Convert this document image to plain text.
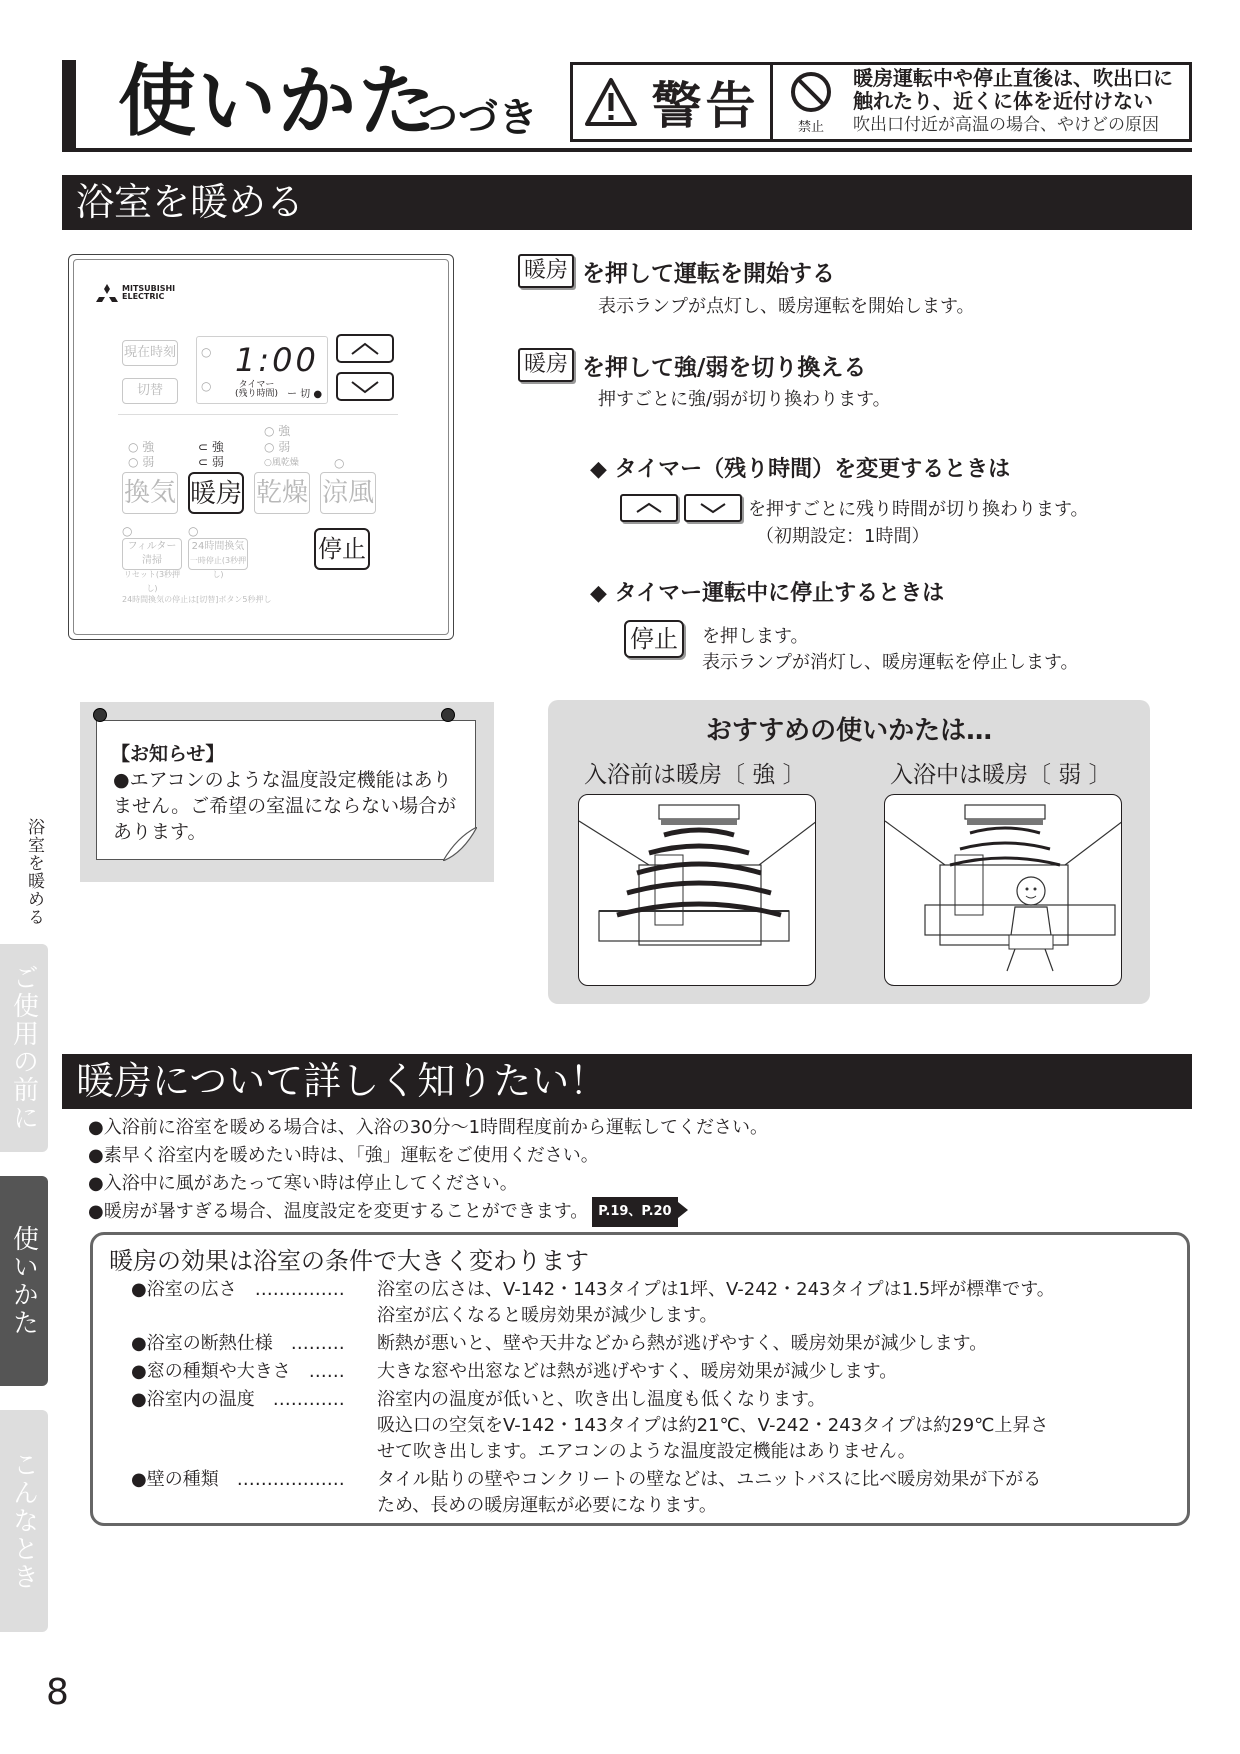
使いかた
つづき 警告	禁止
暖房運転中や停止直後は、吹出口に
触れたり、近くに体を近付けない
吹出口付近が高温の場合、やけどの原因
浴室を暖める
MITSUBISHI
ELECTRIC
現在時刻
切替
○
○
1:00
タイマー
(残り時間) ー 切 ●
○ 強
○ 強
○ 弱
⊂ 強
⊂ 弱
○ 弱
○風乾燥	○
換気 暖房 乾燥 涼風
○	○
フィルター清掃
リセット(3秒押し)
24時間換気
一時停止(3秒押し)
停止
24時間換気の停止は[切替]ボタン5秒押し
暖房 を押して運転を開始する
表示ランプが点灯し、暖房運転を開始します。
暖房 を押して強/弱を切り換える
押すごとに強/弱が切り換わります。
◆ タイマー（残り時間）を変更するときは
を押すごとに残り時間が切り換わります。
（初期設定：1時間）
◆ タイマー運転中に停止するときは
停止	を押します。
表示ランプが消灯し、暖房運転を停止します。
【お知らせ】
●エアコンのような温度設定機能はありません。ご希望の室温にならない場合があります。
おすすめの使いかたは…
入浴前は暖房〔 強 〕	入浴中は暖房〔 弱 〕
暖房について詳しく知りたい！
●入浴前に浴室を暖める場合は、入浴の30分～1時間程度前から運転してください。
●素早く浴室内を暖めたい時は、「強」運転をご使用ください。
●入浴中に風があたって寒い時は停止してください。
●暖房が暑すぎる場合、温度設定を変更することができます。 P.19、P.20
暖房の効果は浴室の条件で大きく変わります
●浴室の広さ　…………… 浴室の広さは、V-142・143タイプは1坪、V-242・243タイプは1.5坪が標準です。
浴室が広くなると暖房効果が減少します。
●浴室の断熱仕様　……… 断熱が悪いと、壁や天井などから熱が逃げやすく、暖房効果が減少します。
●窓の種類や大きさ　…… 大きな窓や出窓などは熱が逃げやすく、暖房効果が減少します。
●浴室内の温度　………… 浴室内の温度が低いと、吹き出し温度も低くなります。
吸込口の空気をV-142・143タイプは約21℃、V-242・243タイプは約29℃上昇さ
せて吹き出します。エアコンのような温度設定機能はありません。
●壁の種類　……………… タイル貼りの壁やコンクリートの壁などは、ユニットバスに比べ暖房効果が下がる
ため、長めの暖房運転が必要になります。
浴室を暖める
ご使用の前に
使いかた
こんなとき
8
